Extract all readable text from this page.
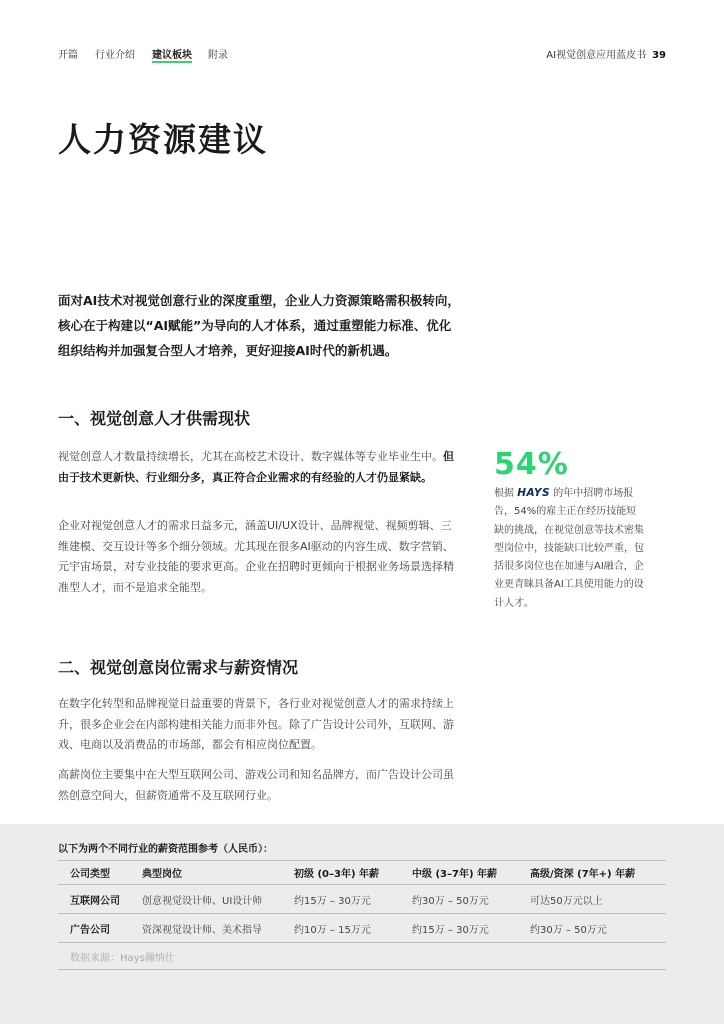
开篇 行业介绍 建议板块 附录	AI视觉创意应用蓝皮书 39
人力资源建议

面对AI技术对视觉创意行业的深度重塑，企业人力资源策略需积极转向，核心在于构建以“AI赋能”为导向的人才体系，通过重塑能力标准、优化组织结构并加强复合型人才培养，更好迎接AI时代的新机遇。

一、视觉创意人才供需现状

视觉创意人才数量持续增长，尤其在高校艺术设计、数字媒体等专业毕业生中。但由于技术更新快、行业细分多，真正符合企业需求的有经验的人才仍显紧缺。

企业对视觉创意人才的需求日益多元，涵盖UI/UX设计、品牌视觉、视频剪辑、三维建模、交互设计等多个细分领域。尤其现在很多AI驱动的内容生成、数字营销、元宇宙场景，对专业技能的要求更高。企业在招聘时更倾向于根据业务场景选择精准型人才，而不是追求全能型。

54%

根据 HAYS 的年中招聘市场报告，54%的雇主正在经历技能短缺的挑战，在视觉创意等技术密集型岗位中，技能缺口比较严重，包括很多岗位也在加速与AI融合，企业更青睐具备AI工具使用能力的设计人才。

二、视觉创意岗位需求与薪资情况

在数字化转型和品牌视觉日益重要的背景下，各行业对视觉创意人才的需求持续上升，很多企业会在内部构建相关能力而非外包。除了广告设计公司外，互联网、游戏、电商以及消费品的市场部，都会有相应岗位配置。

高薪岗位主要集中在大型互联网公司、游戏公司和知名品牌方，而广告设计公司虽然创意空间大，但薪资通常不及互联网行业。

以下为两个不同行业的薪资范围参考（人民币）：
公司类型	典型岗位	初级 (0–3年) 年薪	中级 (3–7年) 年薪	高级/资深 (7年+) 年薪
互联网公司	创意视觉设计师、UI设计师	约15万 – 30万元	约30万 – 50万元	可达50万元以上
广告公司	资深视觉设计师、美术指导	约10万 – 15万元	约15万 – 30万元	约30万 – 50万元
数据来源：Hays瀚纳仕				
